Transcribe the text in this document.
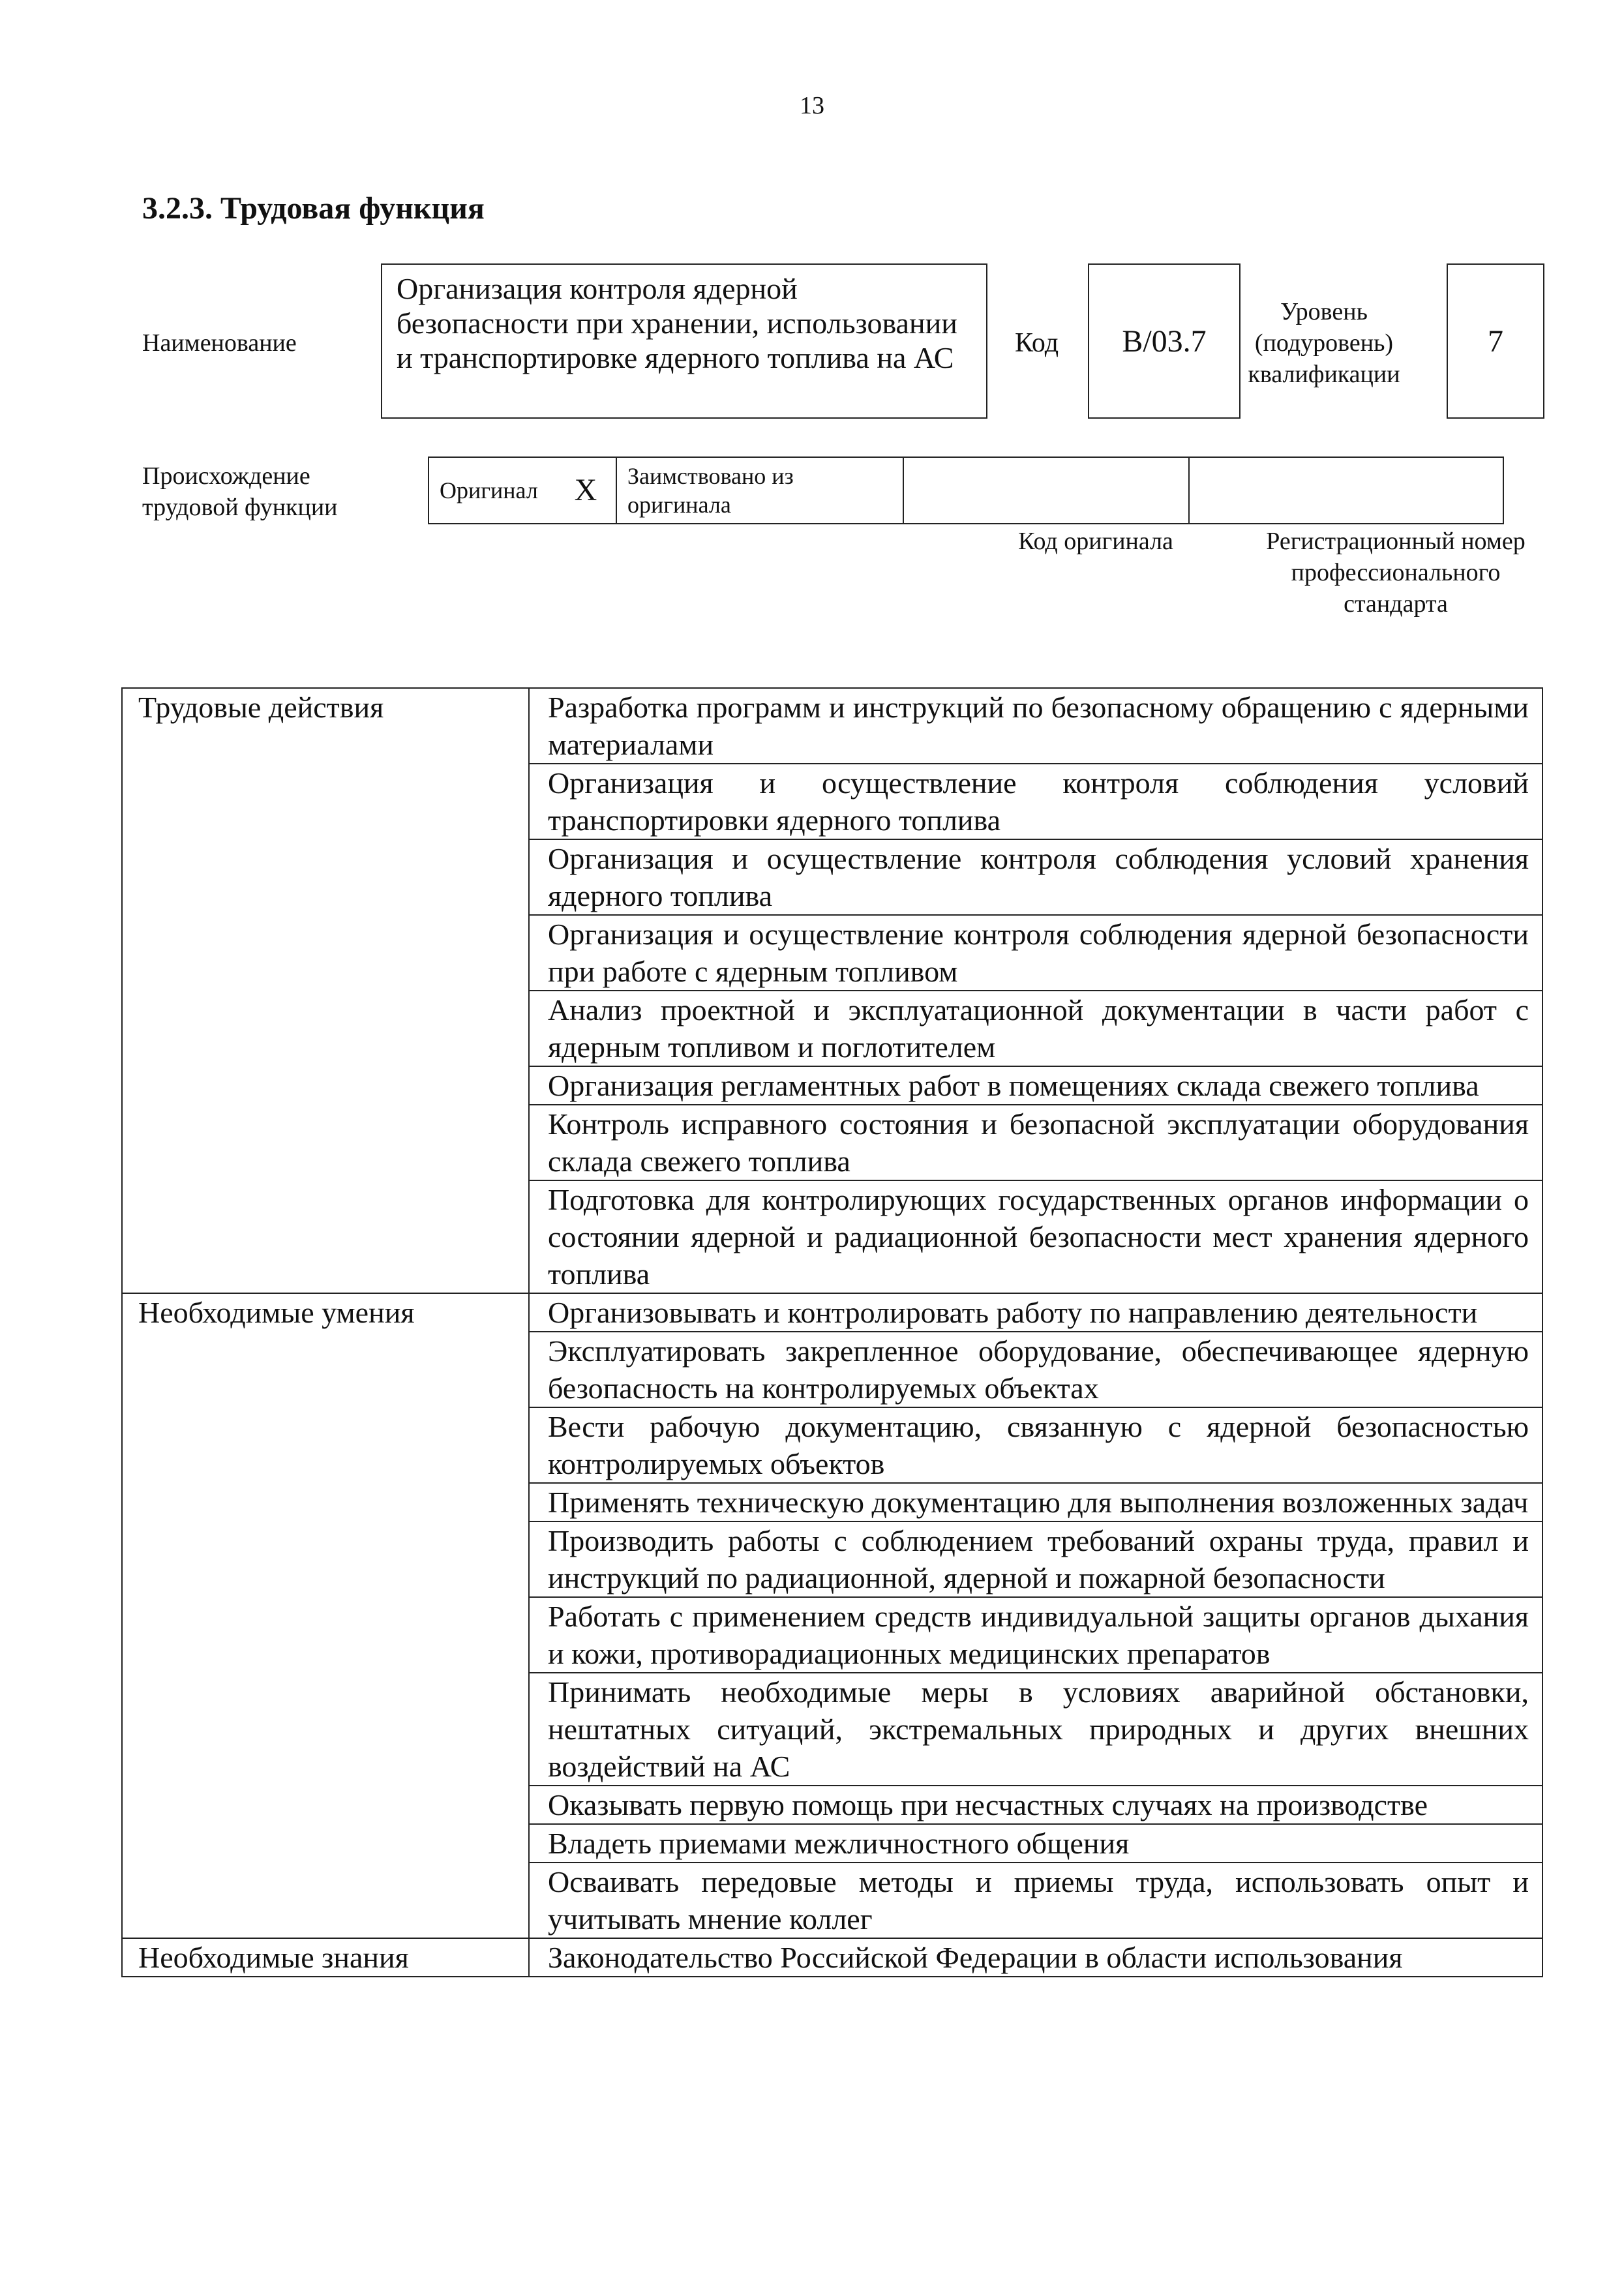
13
3.2.3. Трудовая функция
Наименование
Организация контроля ядерной безопасности при хранении, использовании и транспортировке ядерного топлива на АС	Код	В/03.7
Уровень (подуровень) квалификации
7
Происхождение трудовой функции
Оригинал	X	Заимствовано из оригинала		
Код оригинала	Регистрационный номер профессионального стандарта
Трудовые действия	Разработка программ и инструкций по безопасному обращению с ядерными материалами
	Организация и осуществление контроля соблюдения условий транспортировки ядерного топлива
	Организация и осуществление контроля соблюдения условий хранения ядерного топлива
	Организация и осуществление контроля соблюдения ядерной безопасности при работе с ядерным топливом
	Анализ проектной и эксплуатационной документации в части работ с ядерным топливом и поглотителем
	Организация регламентных работ в помещениях склада свежего топлива
	Контроль исправного состояния и безопасной эксплуатации оборудования склада свежего топлива
	Подготовка для контролирующих государственных органов информации о состоянии ядерной и радиационной безопасности мест хранения ядерного топлива
Необходимые умения	Организовывать и контролировать работу по направлению деятельности
	Эксплуатировать закрепленное оборудование, обеспечивающее ядерную безопасность на контролируемых объектах
	Вести рабочую документацию, связанную с ядерной безопасностью контролируемых объектов
	Применять техническую документацию для выполнения возложенных задач
	Производить работы с соблюдением требований охраны труда, правил и инструкций по радиационной, ядерной и пожарной безопасности
	Работать с применением средств индивидуальной защиты органов дыхания и кожи, противорадиационных медицинских препаратов
	Принимать необходимые меры в условиях аварийной обстановки, нештатных ситуаций, экстремальных природных и других внешних воздействий на АС
	Оказывать первую помощь при несчастных случаях на производстве
	Владеть приемами межличностного общения
	Осваивать передовые методы и приемы труда, использовать опыт и учитывать мнение коллег
Необходимые знания	Законодательство Российской Федерации в области использования
